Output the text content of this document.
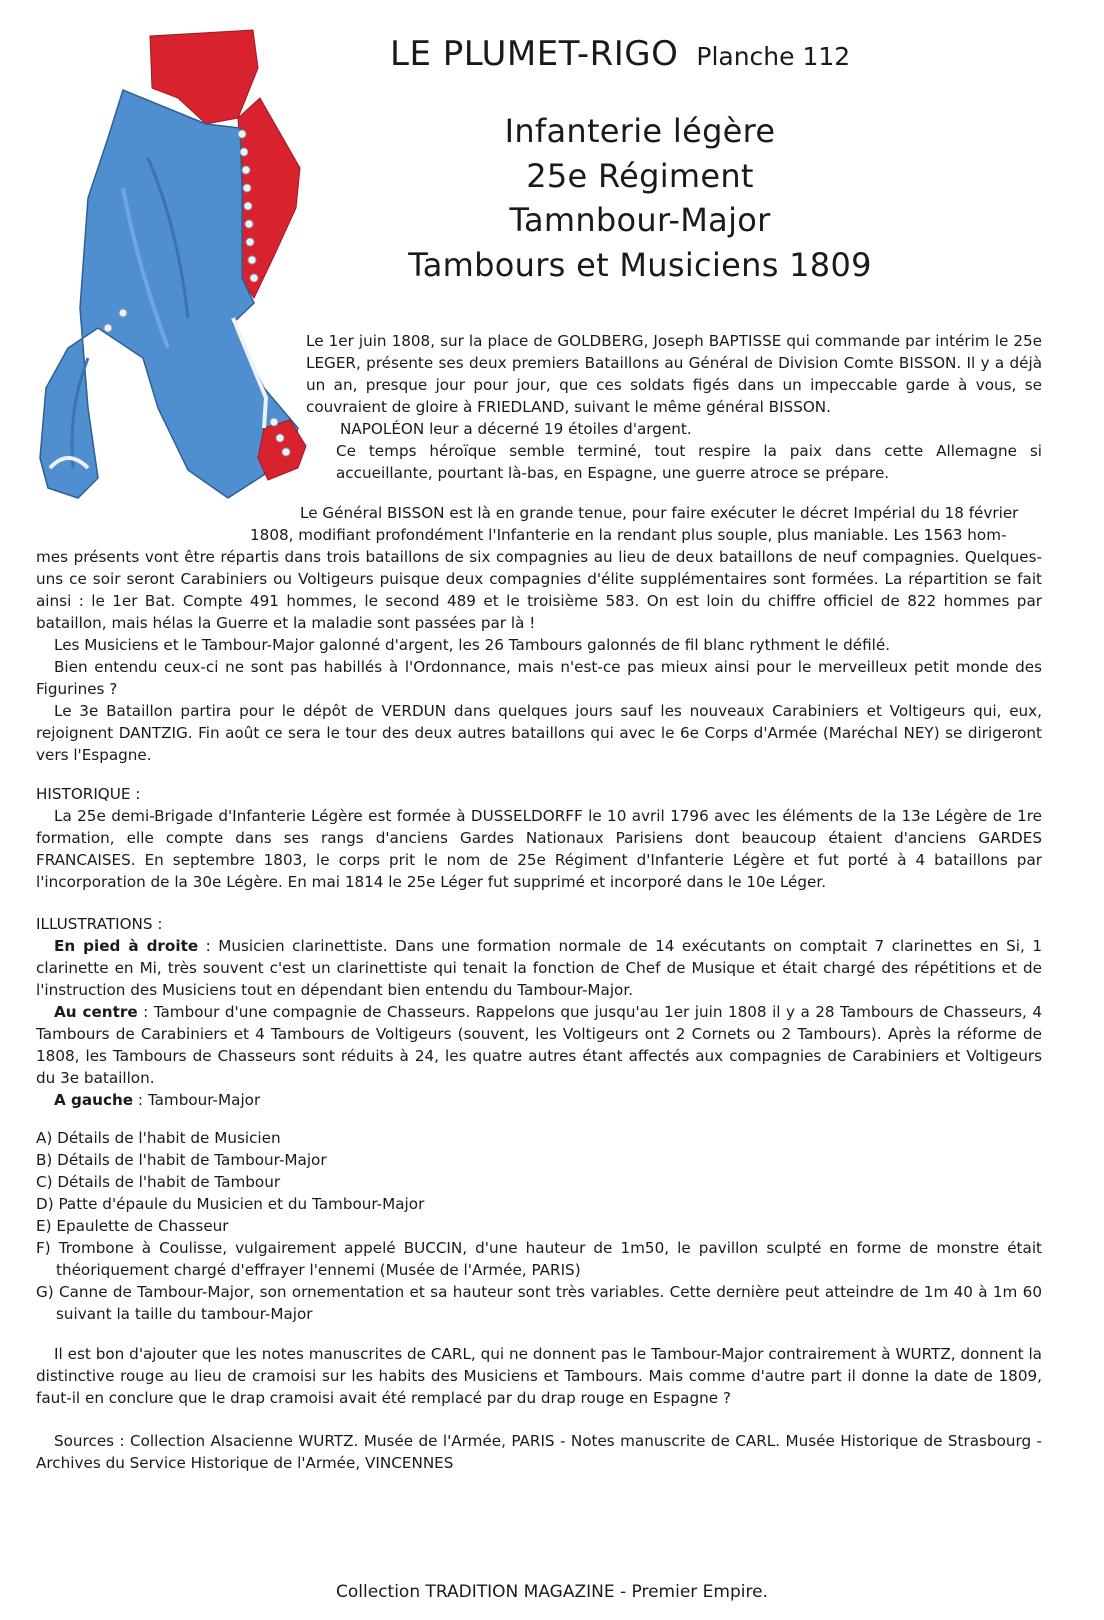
LE PLUMET-RIGO Planche 112
Infanterie légère
25e Régiment
Tamnbour-Major
Tambours et Musiciens 1809

Le 1er juin 1808, sur la place de GOLDBERG, Joseph BAPTISSE qui commande par intérim le 25e LEGER, présente ses deux premiers Bataillons au Général de Division Comte BISSON. Il y a déjà un an, presque jour pour jour, que ces soldats figés dans un impeccable garde à vous, se couvraient de gloire à FRIEDLAND, suivant le même général BISSON.

NAPOLÉON leur a décerné 19 étoiles d'argent.
Ce temps héroïque semble terminé, tout respire la paix dans cette Allemagne si accueillante, pourtant là-bas, en Espagne, une guerre atroce se prépare.
Le Général BISSON est là en grande tenue, pour faire exécuter le décret Impérial du 18 février
1808, modifiant profondément l'Infanterie en la rendant plus souple, plus maniable. Les 1563 hom-

mes présents vont être répartis dans trois bataillons de six compagnies au lieu de deux bataillons de neuf compagnies. Quelques-uns ce soir seront Carabiniers ou Voltigeurs puisque deux compagnies d'élite supplémentaires sont formées. La répartition se fait ainsi : le 1er Bat. Compte 491 hommes, le second 489 et le troisième 583. On est loin du chiffre officiel de 822 hommes par bataillon, mais hélas la Guerre et la maladie sont passées par là !

Les Musiciens et le Tambour-Major galonné d'argent, les 26 Tambours galonnés de fil blanc rythment le défilé.

Bien entendu ceux-ci ne sont pas habillés à l'Ordonnance, mais n'est-ce pas mieux ainsi pour le merveilleux petit monde des Figurines ?

Le 3e Bataillon partira pour le dépôt de VERDUN dans quelques jours sauf les nouveaux Carabiniers et Voltigeurs qui, eux, rejoignent DANTZIG. Fin août ce sera le tour des deux autres bataillons qui avec le 6e Corps d'Armée (Maréchal NEY) se dirigeront vers l'Espagne.

HISTORIQUE :

La 25e demi-Brigade d'Infanterie Légère est formée à DUSSELDORFF le 10 avril 1796 avec les éléments de la 13e Légère de 1re formation, elle compte dans ses rangs d'anciens Gardes Nationaux Parisiens dont beaucoup étaient d'anciens GARDES FRANCAISES. En septembre 1803, le corps prit le nom de 25e Régiment d'Infanterie Légère et fut porté à 4 bataillons par l'incorporation de la 30e Légère. En mai 1814 le 25e Léger fut supprimé et incorporé dans le 10e Léger.

ILLUSTRATIONS :

En pied à droite : Musicien clarinettiste. Dans une formation normale de 14 exécutants on comptait 7 clarinettes en Si, 1 clarinette en Mi, très souvent c'est un clarinettiste qui tenait la fonction de Chef de Musique et était chargé des répétitions et de l'instruction des Musiciens tout en dépendant bien entendu du Tambour-Major.

Au centre : Tambour d'une compagnie de Chasseurs. Rappelons que jusqu'au 1er juin 1808 il y a 28 Tambours de Chasseurs, 4 Tambours de Carabiniers et 4 Tambours de Voltigeurs (souvent, les Voltigeurs ont 2 Cornets ou 2 Tambours). Après la réforme de 1808, les Tambours de Chasseurs sont réduits à 24, les quatre autres étant affectés aux compagnies de Carabiniers et Voltigeurs du 3e bataillon.

A gauche : Tambour-Major

A) Détails de l'habit de Musicien
B) Détails de l'habit de Tambour-Major
C) Détails de l'habit de Tambour
D) Patte d'épaule du Musicien et du Tambour-Major
E) Epaulette de Chasseur
F) Trombone à Coulisse, vulgairement appelé BUCCIN, d'une hauteur de 1m50, le pavillon sculpté en forme de monstre était théoriquement chargé d'effrayer l'ennemi (Musée de l'Armée, PARIS)
G) Canne de Tambour-Major, son ornementation et sa hauteur sont très variables. Cette dernière peut atteindre de 1m 40 à 1m 60 suivant la taille du tambour-Major

Il est bon d'ajouter que les notes manuscrites de CARL, qui ne donnent pas le Tambour-Major contrairement à WURTZ, donnent la distinctive rouge au lieu de cramoisi sur les habits des Musiciens et Tambours. Mais comme d'autre part il donne la date de 1809, faut-il en conclure que le drap cramoisi avait été remplacé par du drap rouge en Espagne ?

Sources : Collection Alsacienne WURTZ. Musée de l'Armée, PARIS - Notes manuscrite de CARL. Musée Historique de Strasbourg - Archives du Service Historique de l'Armée, VINCENNES

Collection TRADITION MAGAZINE - Premier Empire.
